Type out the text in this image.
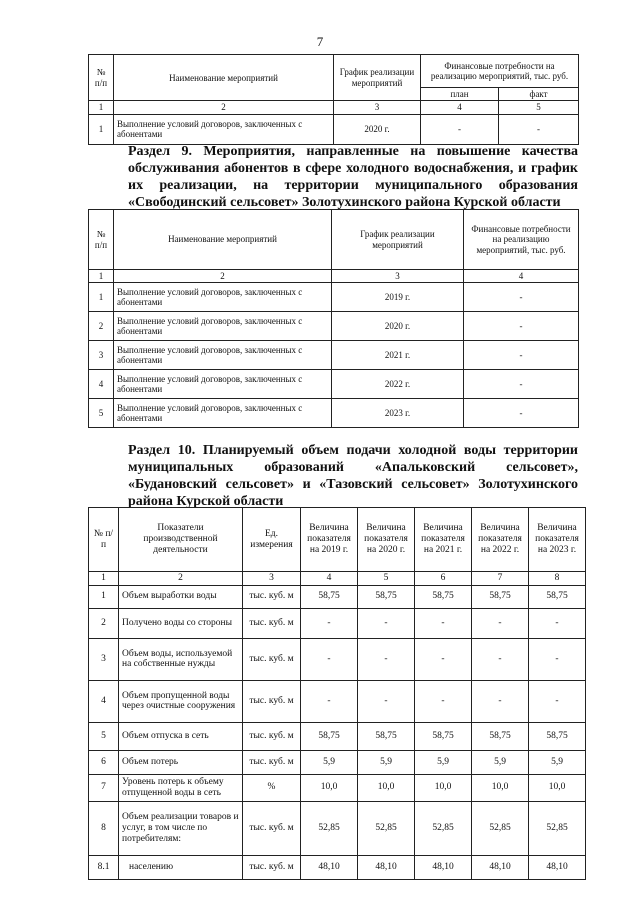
7
№ п/п	Наименование мероприятий	График реализации мероприятий	Финансовые потребности на реализацию мероприятий, тыс. руб.	
			план	факт
1	2	3	4	5
1	Выполнение условий договоров, заключенных с абонентами	2020 г.	-	-
Раздел 9. Мероприятия, направленные на повышение качества обслуживания абонентов в сфере холодного водоснабжения, и график их реализации, на территории муниципального образования «Свободинский сельсовет» Золотухинского района Курской области
№ п/п	Наименование мероприятий	График реализации мероприятий	Финансовые потребности на реализацию мероприятий, тыс. руб.
1	2	3	4
1	Выполнение условий договоров, заключенных с абонентами	2019 г.	-
2	Выполнение условий договоров, заключенных с абонентами	2020 г.	-
3	Выполнение условий договоров, заключенных с абонентами	2021 г.	-
4	Выполнение условий договоров, заключенных с абонентами	2022 г.	-
5	Выполнение условий договоров, заключенных с абонентами	2023 г.	-
Раздел 10. Планируемый объем подачи холодной воды территории муниципальных образований «Апальковский сельсовет», «Будановский сельсовет» и «Тазовский сельсовет» Золотухинского района Курской области
№ п/п	Показатели производственной деятельности	Ед. измерения	Величина показателя на 2019 г.	Величина показателя на 2020 г.	Величина показателя на 2021 г.	Величина показателя на 2022 г.	Величина показателя на 2023 г.
1	2	3	4	5	6	7	8
1	Объем выработки воды	тыс. куб. м	58,75	58,75	58,75	58,75	58,75
2	Получено воды со стороны	тыс. куб. м	-	-	-	-	-
3	Объем воды, используемой на собственные нужды	тыс. куб. м	-	-	-	-	-
4	Объем пропущенной воды через очистные сооружения	тыс. куб. м	-	-	-	-	-
5	Объем отпуска в сеть	тыс. куб. м	58,75	58,75	58,75	58,75	58,75
6	Объем потерь	тыс. куб. м	5,9	5,9	5,9	5,9	5,9
7	Уровень потерь к объему отпущенной воды в сеть	%	10,0	10,0	10,0	10,0	10,0
8	Объем реализации товаров и услуг, в том числе по потребителям:	тыс. куб. м	52,85	52,85	52,85	52,85	52,85
8.1	населению	тыс. куб. м	48,10	48,10	48,10	48,10	48,10
